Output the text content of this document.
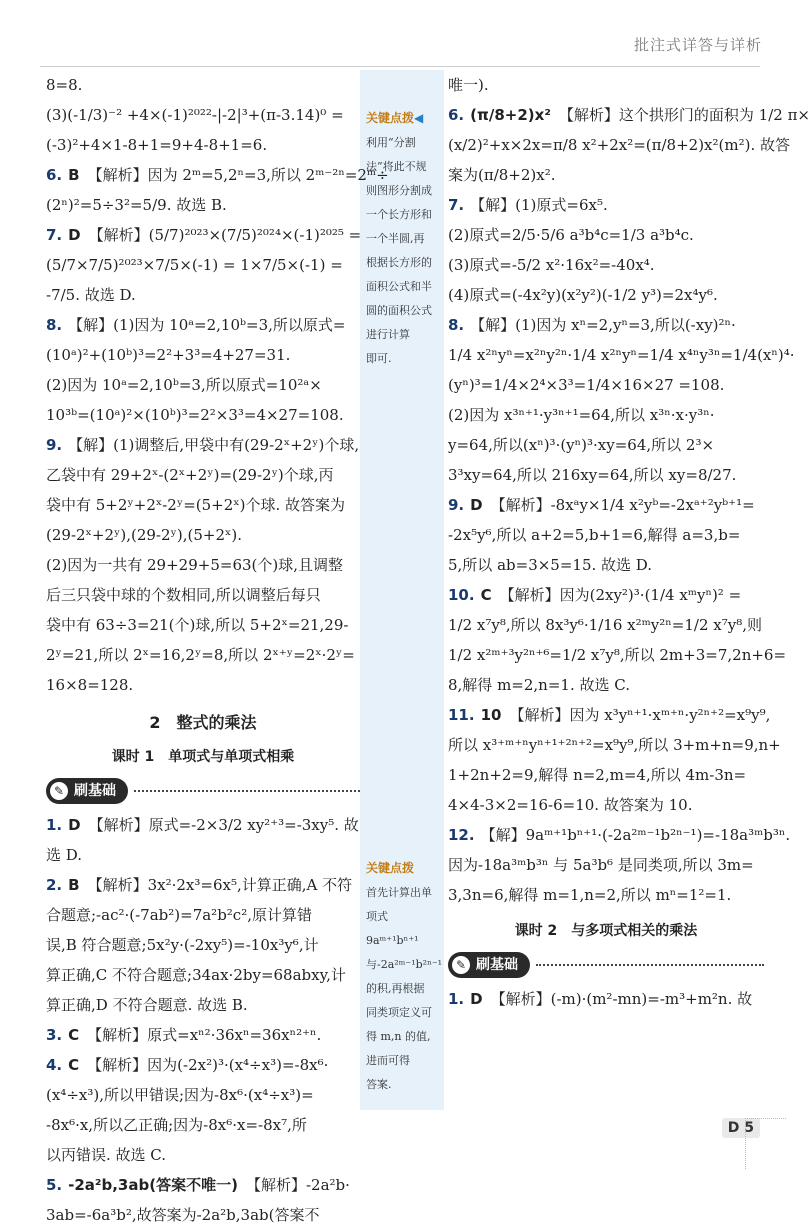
批注式详答与详析
关键点拨◀
利用“分割
法”将此不规
则图形分割成
一个长方形和
一个半圆,再
根据长方形的
面积公式和半
圆的面积公式
进行计算
即可.
关键点拨
首先计算出单
项式 9aᵐ⁺¹bⁿ⁺¹
与-2a²ᵐ⁻¹b²ⁿ⁻¹
的积,再根据
同类项定义可
得 m,n 的值,
进而可得
答案.
8=8.
(3)(-1/3)⁻² +4×(-1)²⁰²²-|-2|³+(π-3.14)⁰ =
(-3)²+4×1-8+1=9+4-8+1=6.
6. B 【解析】因为 2ᵐ=5,2ⁿ=3,所以 2ᵐ⁻²ⁿ=2ᵐ÷
(2ⁿ)²=5÷3²=5/9. 故选 B.
7. D 【解析】(5/7)²⁰²³×(7/5)²⁰²⁴×(-1)²⁰²⁵ =
(5/7×7/5)²⁰²³×7/5×(-1) = 1×7/5×(-1) =
-7/5. 故选 D.
8. 【解】(1)因为 10ᵃ=2,10ᵇ=3,所以原式=
(10ᵃ)²+(10ᵇ)³=2²+3³=4+27=31.
(2)因为 10ᵃ=2,10ᵇ=3,所以原式=10²ᵃ×
10³ᵇ=(10ᵃ)²×(10ᵇ)³=2²×3³=4×27=108.
9. 【解】(1)调整后,甲袋中有(29-2ˣ+2ʸ)个球,
乙袋中有 29+2ˣ-(2ˣ+2ʸ)=(29-2ʸ)个球,丙
袋中有 5+2ʸ+2ˣ-2ʸ=(5+2ˣ)个球. 故答案为
(29-2ˣ+2ʸ),(29-2ʸ),(5+2ˣ).
(2)因为一共有 29+29+5=63(个)球,且调整
后三只袋中球的个数相同,所以调整后每只
袋中有 63÷3=21(个)球,所以 5+2ˣ=21,29-
2ʸ=21,所以 2ˣ=16,2ʸ=8,所以 2ˣ⁺ʸ=2ˣ·2ʸ=
16×8=128.
2　整式的乘法
课时 1　单项式与单项式相乘
✎ 刷基础
1. D 【解析】原式=-2×3/2 xy²⁺³=-3xy⁵. 故
选 D.
2. B 【解析】3x²·2x³=6x⁵,计算正确,A 不符
合题意;-ac²·(-7ab²)=7a²b²c²,原计算错
误,B 符合题意;5x²y·(-2xy⁵)=-10x³y⁶,计
算正确,C 不符合题意;34ax·2by=68abxy,计
算正确,D 不符合题意. 故选 B.
3. C 【解析】原式=xⁿ²·36xⁿ=36xⁿ²⁺ⁿ.
4. C 【解析】因为(-2x²)³·(x⁴÷x³)=-8x⁶·
(x⁴÷x³),所以甲错误;因为-8x⁶·(x⁴÷x³)=
-8x⁶·x,所以乙正确;因为-8x⁶·x=-8x⁷,所
以丙错误. 故选 C.
5. -2a²b,3ab(答案不唯一) 【解析】-2a²b·
3ab=-6a³b²,故答案为-2a²b,3ab(答案不
唯一).
6. (π/8+2)x² 【解析】这个拱形门的面积为 1/2 π×
(x/2)²+x×2x=π/8 x²+2x²=(π/8+2)x²(m²). 故答
案为(π/8+2)x².
7. 【解】(1)原式=6x⁵.
(2)原式=2/5·5/6 a³b⁴c=1/3 a³b⁴c.
(3)原式=-5/2 x²·16x²=-40x⁴.
(4)原式=(-4x²y)(x²y²)(-1/2 y³)=2x⁴y⁶.
8. 【解】(1)因为 xⁿ=2,yⁿ=3,所以(-xy)²ⁿ·
1/4 x²ⁿyⁿ=x²ⁿy²ⁿ·1/4 x²ⁿyⁿ=1/4 x⁴ⁿy³ⁿ=1/4(xⁿ)⁴·
(yⁿ)³=1/4×2⁴×3³=1/4×16×27 =108.
(2)因为 x³ⁿ⁺¹·y³ⁿ⁺¹=64,所以 x³ⁿ·x·y³ⁿ·
y=64,所以(xⁿ)³·(yⁿ)³·xy=64,所以 2³×
3³xy=64,所以 216xy=64,所以 xy=8/27.
9. D 【解析】-8xᵃy×1/4 x²yᵇ=-2xᵃ⁺²yᵇ⁺¹=
-2x⁵y⁶,所以 a+2=5,b+1=6,解得 a=3,b=
5,所以 ab=3×5=15. 故选 D.
10. C 【解析】因为(2xy²)³·(1/4 xᵐyⁿ)² =
1/2 x⁷y⁸,所以 8x³y⁶·1/16 x²ᵐy²ⁿ=1/2 x⁷y⁸,则
1/2 x²ᵐ⁺³y²ⁿ⁺⁶=1/2 x⁷y⁸,所以 2m+3=7,2n+6=
8,解得 m=2,n=1. 故选 C.
11. 10 【解析】因为 x³yⁿ⁺¹·xᵐ⁺ⁿ·y²ⁿ⁺²=x⁹y⁹,
所以 x³⁺ᵐ⁺ⁿyⁿ⁺¹⁺²ⁿ⁺²=x⁹y⁹,所以 3+m+n=9,n+
1+2n+2=9,解得 n=2,m=4,所以 4m-3n=
4×4-3×2=16-6=10. 故答案为 10.
12. 【解】9aᵐ⁺¹bⁿ⁺¹·(-2a²ᵐ⁻¹b²ⁿ⁻¹)=-18a³ᵐb³ⁿ.
因为-18a³ᵐb³ⁿ 与 5a³b⁶ 是同类项,所以 3m=
3,3n=6,解得 m=1,n=2,所以 mⁿ=1²=1.
课时 2　与多项式相关的乘法
✎ 刷基础
1. D 【解析】(-m)·(m²-mn)=-m³+m²n. 故
D 5
